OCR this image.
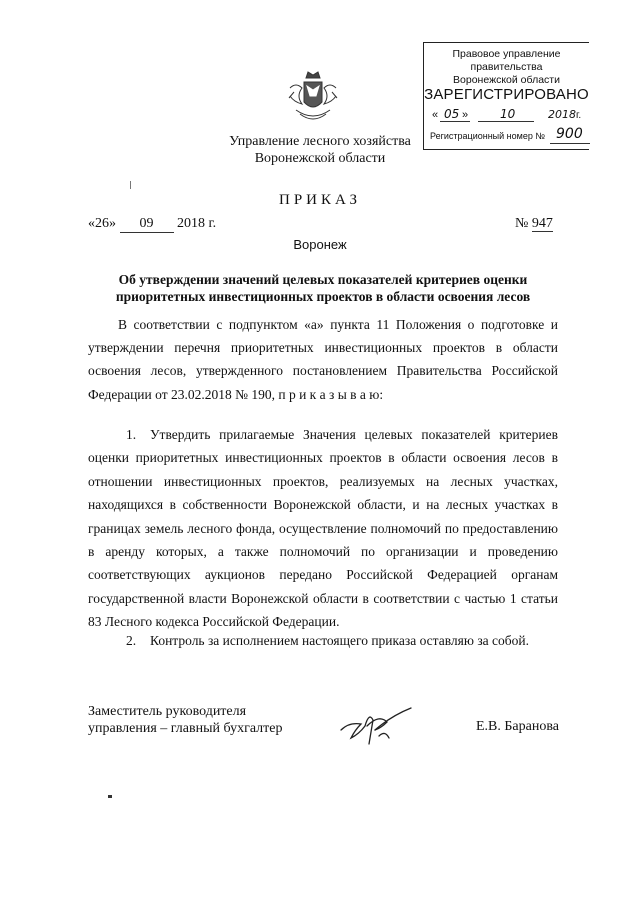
Правовое управление правительства
Воронежской области
ЗАРЕГИСТРИРОВАНО
« 05 »	10	2018 г.
Регистрационный номер № 900
Управление лесного хозяйства
Воронежской области
ПРИКАЗ
«26» 09 2018 г.	№ 947
Воронеж
Об утверждении значений целевых показателей критериев оценки приоритетных инвестиционных проектов в области освоения лесов
В соответствии с подпунктом «а» пункта 11 Положения о подготовке и утверждении перечня приоритетных инвестиционных проектов в области освоения лесов, утвержденного постановлением Правительства Российской Федерации от 23.02.2018 № 190, п р и к а з ы в а ю:
1. Утвердить прилагаемые Значения целевых показателей критериев оценки приоритетных инвестиционных проектов в области освоения лесов в отношении инвестиционных проектов, реализуемых на лесных участках, находящихся в собственности Воронежской области, и на лесных участках в границах земель лесного фонда, осуществление полномочий по предоставлению в аренду которых, а также полномочий по организации и проведению соответствующих аукционов передано Российской Федерацией органам государственной власти Воронежской области в соответствии с частью 1 статьи 83 Лесного кодекса Российской Федерации.
2. Контроль за исполнением настоящего приказа оставляю за собой.
Заместитель руководителя
управления – главный бухгалтер	Е.В. Баранова
